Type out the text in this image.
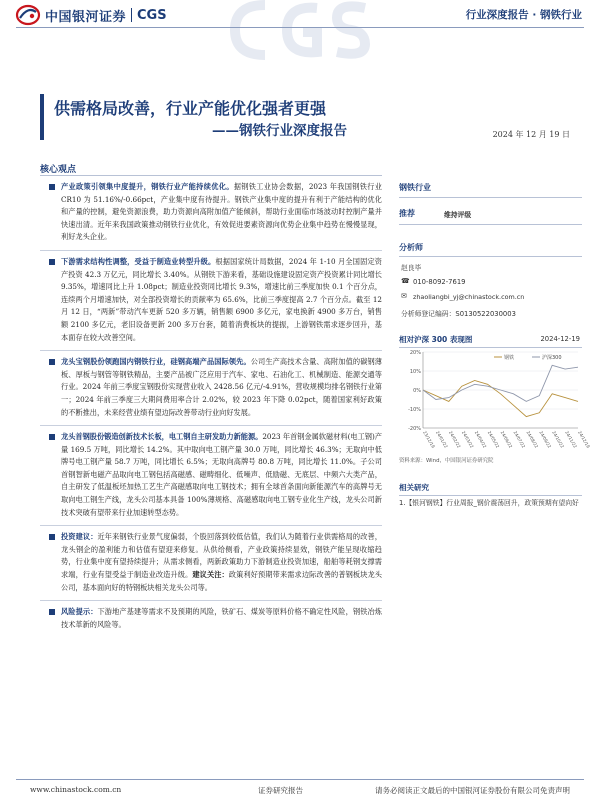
中国银河证券 CGS	行业深度报告 · 钢铁行业
供需格局改善，行业产能优化强者更强
——钢铁行业深度报告	2024 年 12 月 19 日
核心观点
产业政策引领集中度提升，钢铁行业产能持续优化。据钢铁工业协会数据，2023 年我国钢铁行业 CR10 为 51.16%/-0.66pct，产业集中度有待提升。钢铁产业集中度的提升有利于产能结构的优化和产量的控制，避免资源浪费，助力资源向高附加值产能倾斜，帮助行业面临市场波动时控制产量并快速出清。近年来我国政策推动钢铁行业优化，有效促进要素资源向优势企业集中趋势在慢慢显现，利好龙头企业。
下游需求结构性调整，受益于制造业转型升级。根据国家统计局数据，2024 年 1-10 月全国固定资产投资 42.3 万亿元，同比增长 3.40%。从钢铁下游来看，基础设施建设固定资产投资累计同比增长 9.35%，增速同比上升 1.08pct；制造业投资同比增长 9.3%，增速比前三季度加快 0.1 个百分点，连续两个月增速加快，对全部投资增长的贡献率为 65.6%，比前三季度提高 2.7 个百分点。截至 12 月 12 日，“两新”带动汽车更新 520 多万辆，销售额 6900 多亿元，家电换新 4900 多万台，销售额 2100 多亿元，老旧设备更新 200 多万台套，随着消费板块的提振，上游钢铁需求逐步回升，基本面存在较大改善空间。
龙头宝钢股份领跑国内钢铁行业，硅钢高端产品国际领先。公司生产高技术含量、高附加值的碳钢薄板、厚板与钢管等钢铁精品，主要产品被广泛应用于汽车、家电、石油化工、机械制造、能源交通等行业。2024 年前三季度宝钢股份实现营业收入 2428.56 亿元/-4.91%，营收规模均排名钢铁行业第一；2024 年前三季度三大期间费用率合计 2.02%，较 2023 年下降 0.02pct，随着国家利好政策的不断推出，未来经营业绩有望边际改善带动行业向好发展。
龙头首钢股份锻造创新技术长板，电工钢自主研发助力新能源。2023 年首钢金属软磁材料(电工钢)产量 169.5 万吨，同比增长 14.2%。其中取向电工钢产量 30.0 万吨，同比增长 46.3%；无取向中低牌号电工钢产量 58.7 万吨，同比增长 6.5%；无取向高牌号 80.8 万吨，同比增长 11.0%。子公司首钢智新电磁产品取向电工钢包括高磁感、磁畴细化、低噪声、低励磁、无底层、中频六大类产品，自主研发了低温板坯加热工艺生产高磁感取向电工钢技术；拥有全球首条面向新能源汽车的高牌号无取向电工钢生产线，龙头公司基本具备 100%薄规格、高磁感取向电工钢专业化生产线，龙头公司新技术突破有望带来行业加速转型态势。
投资建议：近年来钢铁行业景气度偏弱，个股回落到较低估值，我们认为随着行业供需格局的改善，龙头钢企的盈利能力和估值有望迎来修复。从供给侧看，产业政策持续显效，钢铁产能呈现收缩趋势，行业集中度有望持续提升；从需求侧看，两新政策助力下游制造业投资加速，船舶等耗钢支撑需求端，行业有望受益于制造业改造升级。建议关注：政策利好预期带来需求边际改善的普钢板块龙头公司，基本面向好的特钢板块相关龙头公司等。
风险提示：下游地产基建等需求不及预期的风险，铁矿石、煤炭等原料价格不确定性风险，钢铁冶炼技术革新的风险等。
钢铁行业
推荐	维持评级
分析师
赵良毕
☎ 010-8092-7619
✉ zhaoliangbi_yj@chinastock.com.cn
分析师登记编码：S0130522030003
相对沪深 300 表现图	2024-12-19
相关研究
20%
10%
0%
-10%
-20%
23/12/19 24/01/22 24/02/22 24/03/22 24/04/22 24/05/22 24/06/22 24/07/22 24/08/22 24/09/22 24/10/22 24/11/22 24/12/19
钢铁	沪深300
资料来源：Wind，中国银河证券研究院
1.【银河钢铁】行业周报_钢价震荡回升，政策预期有望向好
www.chinastock.com.cn	证券研究报告	请务必阅读正文最后的中国银河证券股份有限公司免责声明
